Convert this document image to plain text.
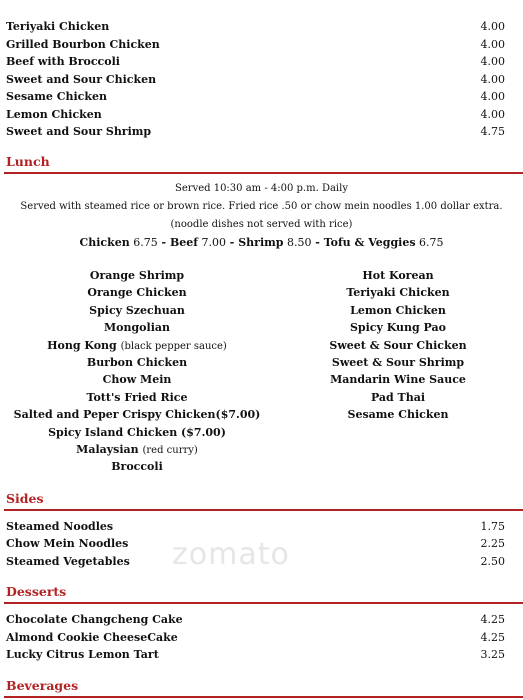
Teriyaki Chicken	4.00
Grilled Bourbon Chicken	4.00
Beef with Broccoli	4.00
Sweet and Sour Chicken	4.00
Sesame Chicken	4.00
Lemon Chicken	4.00
Sweet and Sour Shrimp	4.75
Lunch
Served 10:30 am - 4:00 p.m. Daily
Served with steamed rice or brown rice. Fried rice .50 or chow mein noodles 1.00 dollar extra.
(noodle dishes not served with rice)
Chicken 6.75 - Beef 7.00 - Shrimp 8.50 - Tofu & Veggies 6.75
Orange Shrimp
Orange Chicken
Spicy Szechuan
Mongolian
Hong Kong (black pepper sauce)
Burbon Chicken
Chow Mein
Tott's Fried Rice
Salted and Peper Crispy Chicken($7.00)
Spicy Island Chicken ($7.00)
Malaysian (red curry)
Broccoli
Hot Korean
Teriyaki Chicken
Lemon Chicken
Spicy Kung Pao
Sweet & Sour Chicken
Sweet & Sour Shrimp
Mandarin Wine Sauce
Pad Thai
Sesame Chicken
Sides
Steamed Noodles	1.75
Chow Mein Noodles	2.25
Steamed Vegetables	2.50
zomato
Desserts
Chocolate Changcheng Cake	4.25
Almond Cookie CheeseCake	4.25
Lucky Citrus Lemon Tart	3.25
Beverages
